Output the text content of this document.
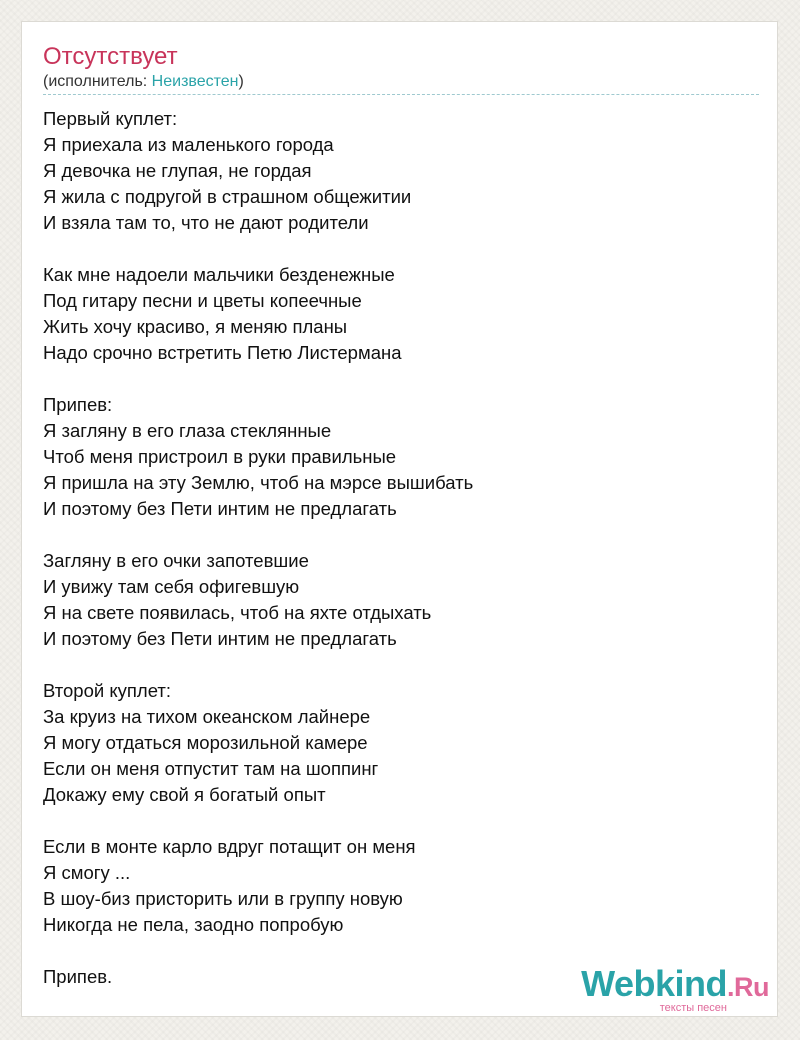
Отсутствует
(исполнитель: Неизвестен)
Первый куплет:
Я приехала из маленького города
Я девочка не глупая, не гордая
Я жила с подругой в страшном общежитии
И взяла там то, что не дают родители
Как мне надоели мальчики безденежные
Под гитару песни и цветы копеечные
Жить хочу красиво, я меняю планы
Надо срочно встретить Петю Листермана
Припев:
Я загляну в его глаза стеклянные
Чтоб меня пристроил в руки правильные
Я пришла на эту Землю, чтоб на мэрсе вышибать
И поэтому без Пети интим не предлагать
Загляну в его очки запотевшие
И увижу там себя офигевшую
Я на свете появилась, чтоб на яхте отдыхать
И поэтому без Пети интим не предлагать
Второй куплет:
За круиз на тихом океанском лайнере
Я могу отдаться морозильной камере
Если он меня отпустит там на шоппинг
Докажу ему свой я богатый опыт
Если в монте карло вдруг потащит он меня
Я смогу ...
В шоу-биз присторить или в группу новую
Никогда не пела, заодно попробую
Припев.	Webkind.Ru
тексты песен
